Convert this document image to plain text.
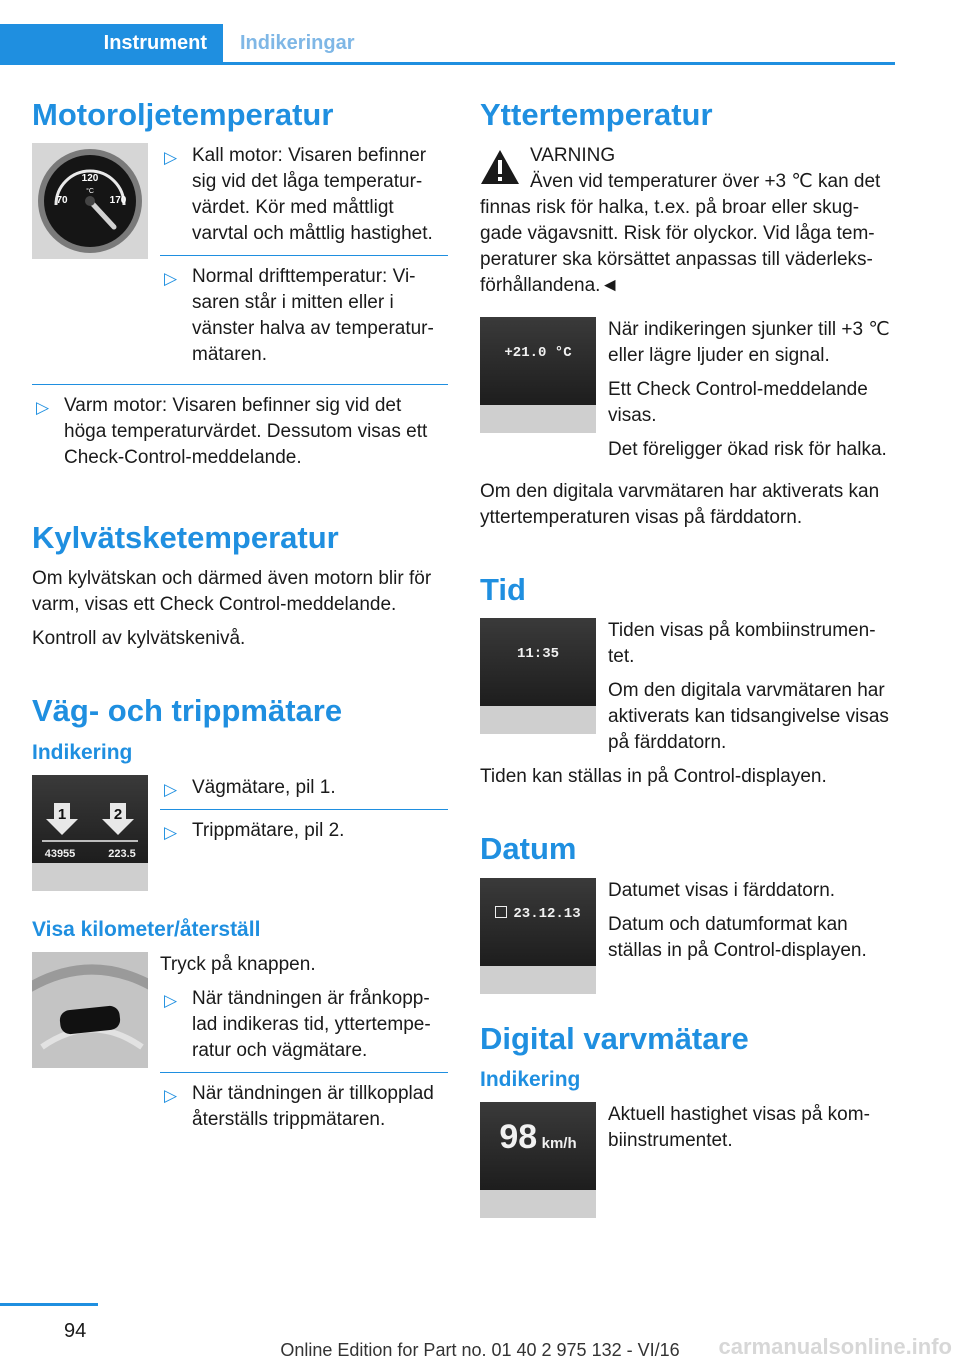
Instrument	Indikeringar
Motoroljetemperatur
120
°C
70	170
▷ Kall motor: Visaren befinner sig vid det låga temperaturvärdet. Kör med måttligt varvtal och måttlig hastighet.
▷ Normal drifttemperatur: Visaren står i mitten eller i vänster halva av temperaturmätaren.
▷ Varm motor: Visaren befinner sig vid det höga temperaturvärdet. Dessutom visas ett Check-Control-meddelande.
Kylvätsketemperatur

Om kylvätskan och därmed även motorn blir för varm, visas ett Check Control-meddelande.

Kontroll av kylvätskenivå.

Väg- och trippmätare
Indikering
1	2
43955	223.5
▷ Vägmätare, pil 1.
▷ Trippmätare, pil 2.
Visa kilometer/återställ

Tryck på knappen.

▷ När tändningen är frånkopplad indikeras tid, yttertemperatur och vägmätare.
▷ När tändningen är tillkopplad återställs trippmätaren.
Yttertemperatur

VARNING

Även vid temperaturer över +3 ℃ kan det finnas risk för halka, t.ex. på broar eller skuggade vägavsnitt. Risk för olyckor. Vid låga temperaturer ska körsättet anpassas till väderleksförhållandena.◄

+21.0 °C

När indikeringen sjunker till +3 ℃ eller lägre ljuder en signal.

Ett Check Control-meddelande visas.

Det föreligger ökad risk för halka.

Om den digitala varvmätaren har aktiverats kan yttertemperaturen visas på färddatorn.

Tid
11:35

Tiden visas på kombiinstrumentet.

Om den digitala varvmätaren har aktiverats kan tidsangivelse visas på färddatorn.

Tiden kan ställas in på Control-displayen.

Datum
23.12.13

Datumet visas i färddatorn.

Datum och datumformat kan ställas in på Control-displayen.

Digital varvmätare
Indikering
98 km/h

Aktuell hastighet visas på kombiinstrumentet.

94
Online Edition for Part no. 01 40 2 975 132 - VI/16	carmanualsonline.info
